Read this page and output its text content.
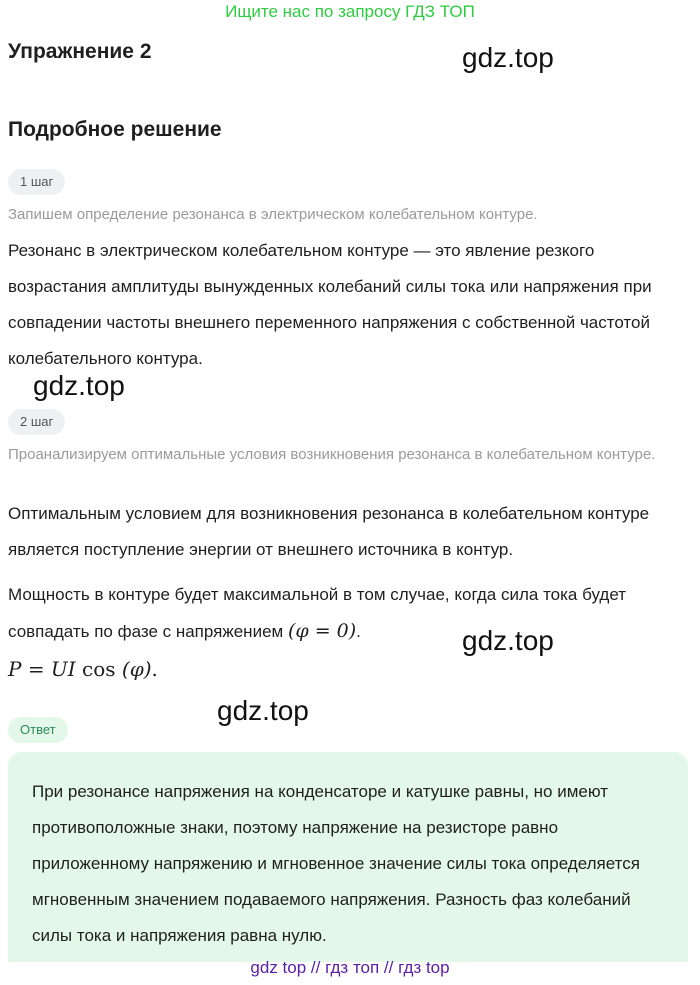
Ищите нас по запросу ГДЗ ТОП
Упражнение 2	gdz.top
Подробное решение
1 шаг
Запишем определение резонанса в электрическом колебательном контуре.
Резонанс в электрическом колебательном контуре — это явление резкого возрастания амплитуды вынужденных колебаний силы тока или напряжения при совпадении частоты внешнего переменного напряжения с собственной частотой колебательного контура.
gdz.top
2 шаг
Проанализируем оптимальные условия возникновения резонанса в колебательном контуре.
Оптимальным условием для возникновения резонанса в колебательном контуре является поступление энергии от внешнего источника в контур.
Мощность в контуре будет максимальной в том случае, когда сила тока будет совпадать по фазе с напряжением (φ = 0).	gdz.top
P = UI cos (φ).
gdz.top
Ответ
При резонансе напряжения на конденсаторе и катушке равны, но имеют противоположные знаки, поэтому напряжение на резисторе равно приложенному напряжению и мгновенное значение силы тока определяется мгновенным значением подаваемого напряжения. Разность фаз колебаний силы тока и напряжения равна нулю.
gdz top // гдз топ // гдз top
